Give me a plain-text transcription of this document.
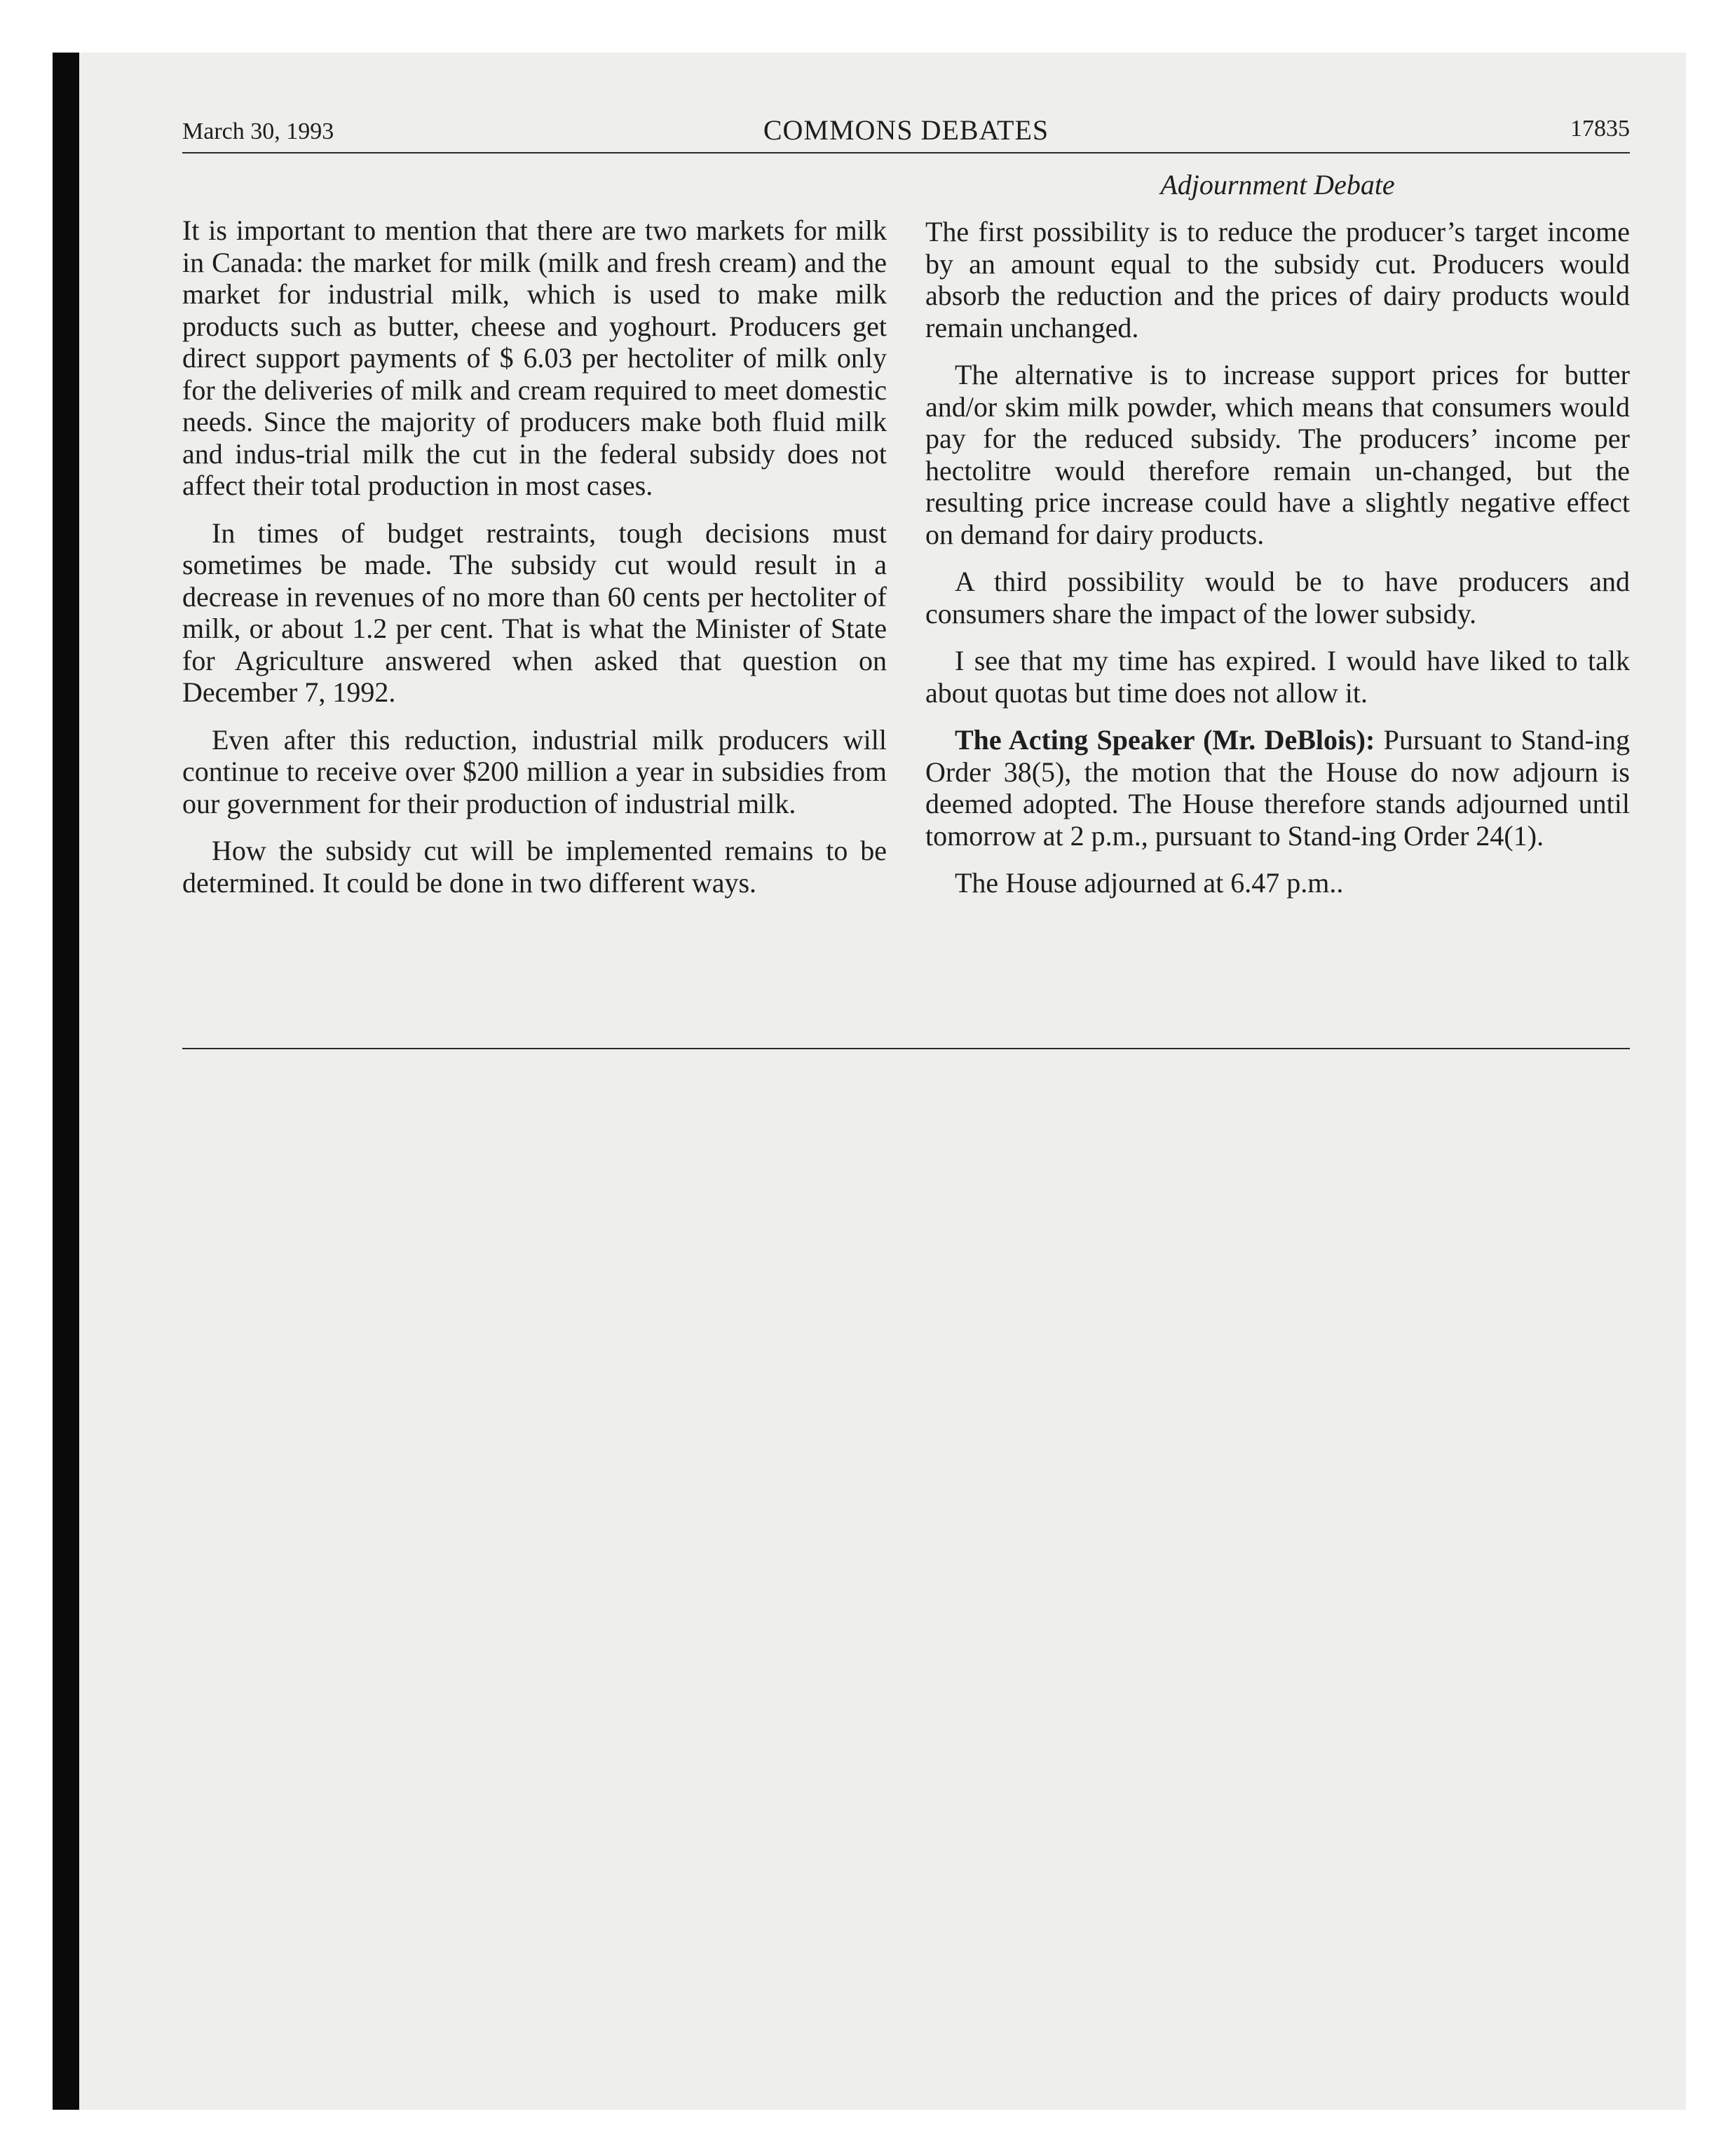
March 30, 1993	COMMONS DEBATES	17835

It is important to mention that there are two markets for milk in Canada: the market for milk (milk and fresh cream) and the market for industrial milk, which is used to make milk products such as butter, cheese and yoghourt. Producers get direct support payments of $ 6.03 per hectoliter of milk only for the deliveries of milk and cream required to meet domestic needs. Since the majority of producers make both fluid milk and indus-trial milk the cut in the federal subsidy does not affect their total production in most cases.

In times of budget restraints, tough decisions must sometimes be made. The subsidy cut would result in a decrease in revenues of no more than 60 cents per hectoliter of milk, or about 1.2 per cent. That is what the Minister of State for Agriculture answered when asked that question on December 7, 1992.

Even after this reduction, industrial milk producers will continue to receive over $200 million a year in subsidies from our government for their production of industrial milk.

How the subsidy cut will be implemented remains to be determined. It could be done in two different ways.

Adjournment Debate

The first possibility is to reduce the producer’s target income by an amount equal to the subsidy cut. Producers would absorb the reduction and the prices of dairy products would remain unchanged.

The alternative is to increase support prices for butter and/or skim milk powder, which means that consumers would pay for the reduced subsidy. The producers’ income per hectolitre would therefore remain un-changed, but the resulting price increase could have a slightly negative effect on demand for dairy products.

A third possibility would be to have producers and consumers share the impact of the lower subsidy.

I see that my time has expired. I would have liked to talk about quotas but time does not allow it.

The Acting Speaker (Mr. DeBlois): Pursuant to Stand-ing Order 38(5), the motion that the House do now adjourn is deemed adopted. The House therefore stands adjourned until tomorrow at 2 p.m., pursuant to Stand-ing Order 24(1).

The House adjourned at 6.47 p.m..
